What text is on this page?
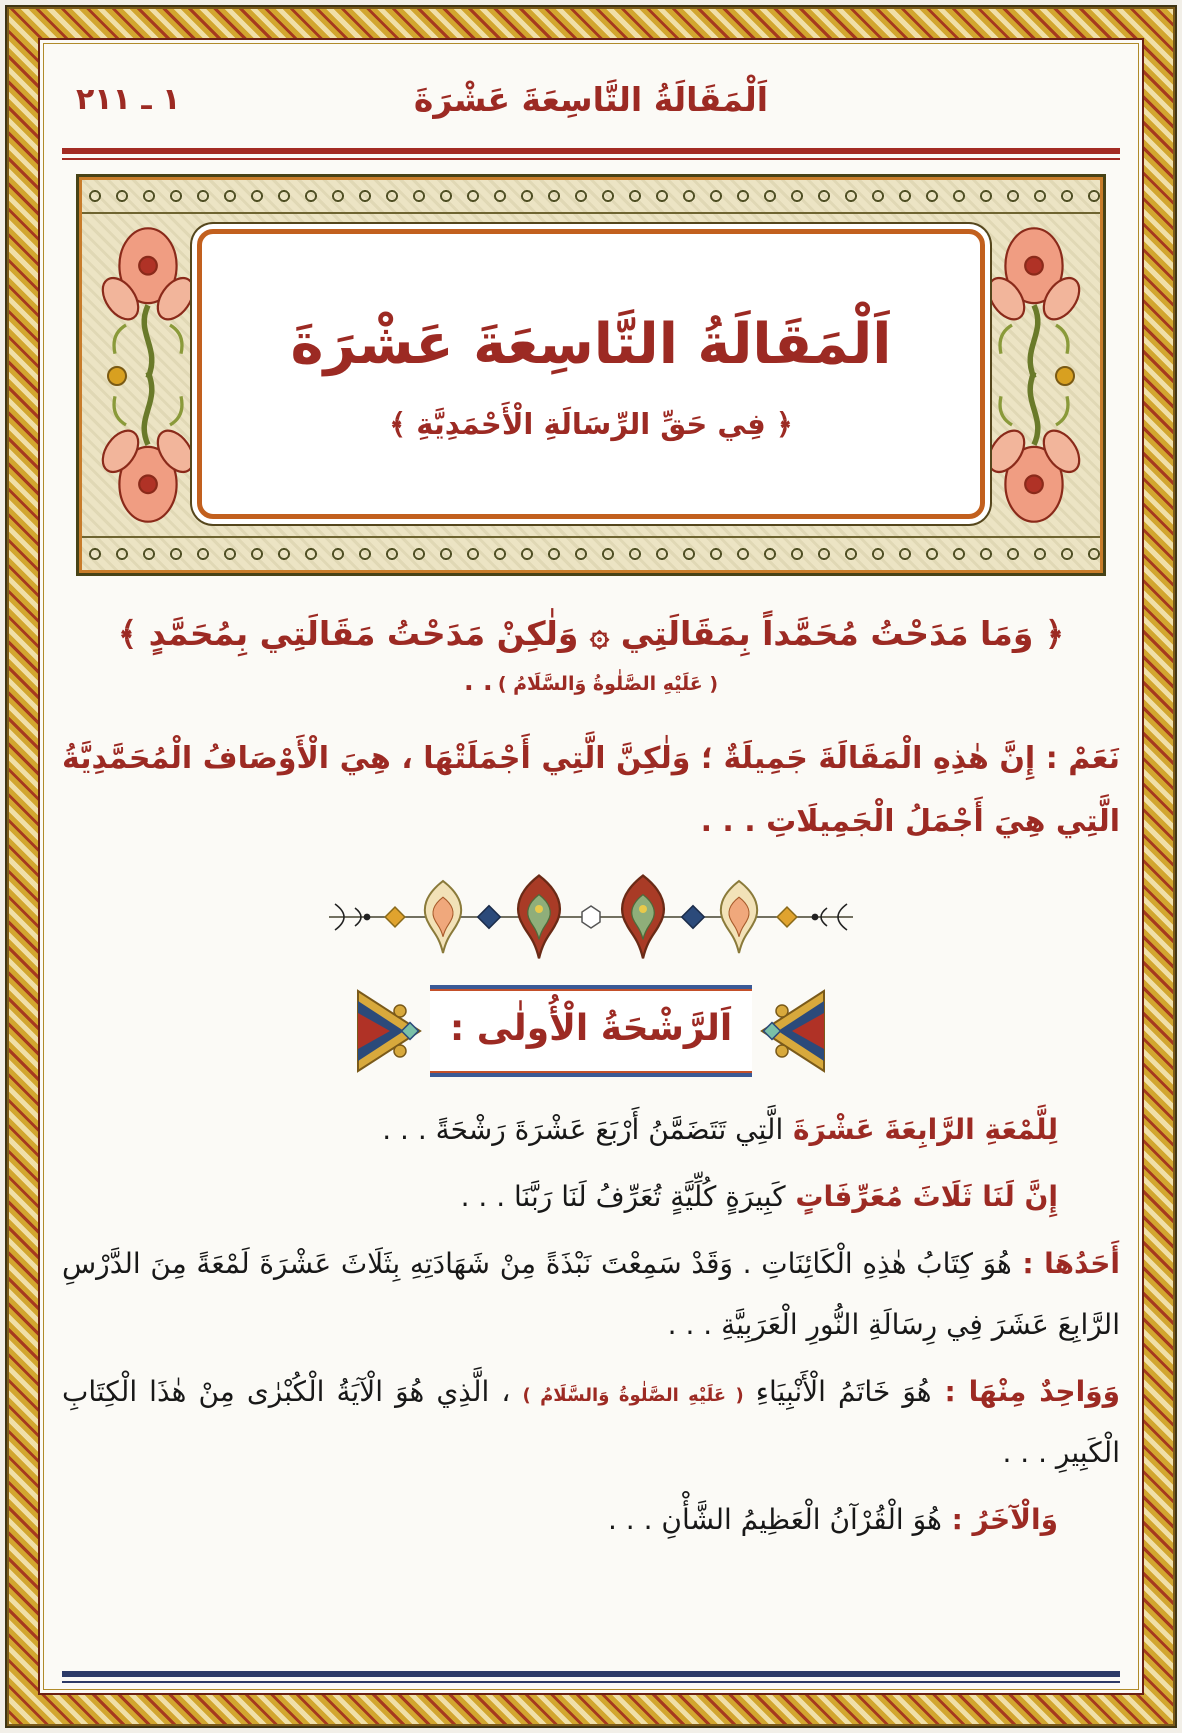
١ ـ ٢١١	اَلْمَقَالَةُ التَّاسِعَةَ عَشْرَةَ
اَلْمَقَالَةُ التَّاسِعَةَ عَشْرَةَ
﴿ فِي حَقِّ الرِّسَالَةِ الْأَحْمَدِيَّةِ ﴾
﴿ وَمَا مَدَحْتُ مُحَمَّداً بِمَقَالَتِي ۞ وَلٰكِنْ مَدَحْتُ مَقَالَتِي بِمُحَمَّدٍ ﴾
( عَلَيْهِ الصَّلٰوةُ وَالسَّلَامُ ) . .
نَعَمْ : إِنَّ هٰذِهِ الْمَقَالَةَ جَمِيلَةٌ ؛ وَلٰكِنَّ الَّتِي أَجْمَلَتْهَا ، هِيَ الْأَوْصَافُ الْمُحَمَّدِيَّةُ الَّتِي هِيَ أَجْمَلُ الْجَمِيلَاتِ . . .
اَلرَّشْحَةُ الْأُولٰى :

لِلَّمْعَةِ الرَّابِعَةَ عَشْرَةَ الَّتِي تَتَضَمَّنُ أَرْبَعَ عَشْرَةَ رَشْحَةً . . .

إِنَّ لَنَا ثَلَاثَ مُعَرِّفَاتٍ كَبِيرَةٍ كُلِّيَّةٍ تُعَرِّفُ لَنَا رَبَّنَا . . .

أَحَدُهَا : هُوَ كِتَابُ هٰذِهِ الْكَائِنَاتِ . وَقَدْ سَمِعْتَ نَبْذَةً مِنْ شَهَادَتِهِ بِثَلَاثَ عَشْرَةَ لَمْعَةً مِنَ الدَّرْسِ الرَّابِعَ عَشَرَ فِي رِسَالَةِ النُّورِ الْعَرَبِيَّةِ . . .

وَوَاحِدٌ مِنْهَا : هُوَ خَاتَمُ الْأَنْبِيَاءِ ( عَلَيْهِ الصَّلٰوةُ وَالسَّلَامُ ) ، الَّذِي هُوَ الْآيَةُ الْكُبْرٰى مِنْ هٰذَا الْكِتَابِ الْكَبِيرِ . . .

وَالْآخَرُ : هُوَ الْقُرْآنُ الْعَظِيمُ الشَّأْنِ . . .
